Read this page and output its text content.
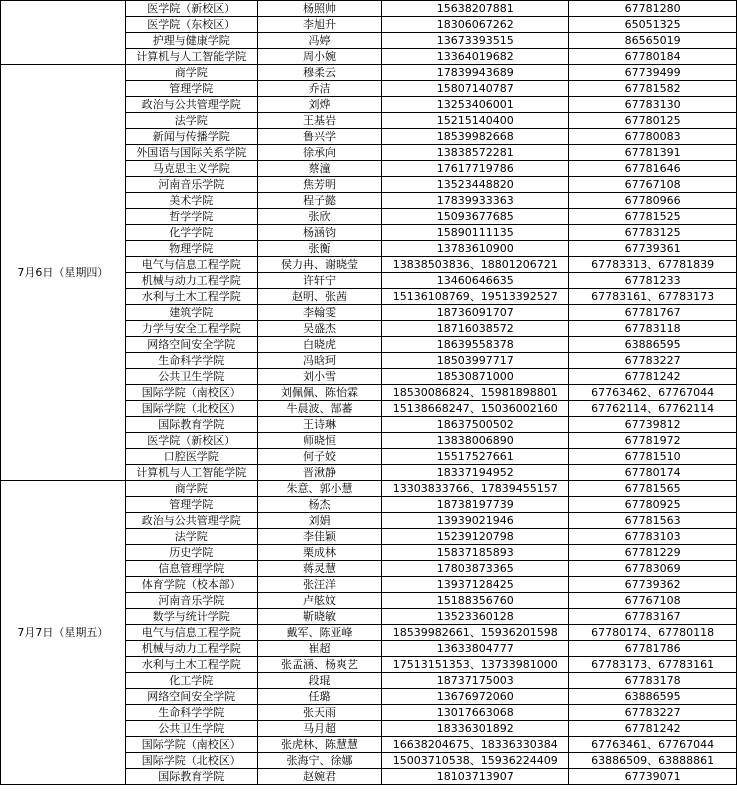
	医学院（新校区）	杨照帅	15638207881	67781280
	医学院（东校区）	李旭升	18306067262	65051325
	护理与健康学院	冯婷	13673393515	86565019
	计算机与人工智能学院	周小婉	13364019682	67780184
7月6日（星期四）	商学院	穆柔云	17839943689	67739499
	管理学院	乔洁	15807140787	67781582
	政治与公共管理学院	刘烨	13253406001	67783130
	法学院	王基岩	15215140400	67780125
	新闻与传播学院	鲁兴学	18539982668	67780083
	外国语与国际关系学院	徐承向	13838572281	67781391
	马克思主义学院	蔡潼	17617719786	67781646
	河南音乐学院	焦芳明	13523448820	67767108
	美术学院	程子懿	17839933363	67780966
	哲学学院	张欣	15093677685	67781525
	化学学院	杨涵钧	15890111135	67783125
	物理学院	张衡	13783610900	67739361
	电气与信息工程学院	侯力冉、谢晓莹	13838503836、18801206721	67783313、67781839
	机械与动力工程学院	许轩宁	13460646635	67781233
	水利与土木工程学院	赵明、张茜	15136108769、19513392527	67783161、67783173
	建筑学院	李翰雯	18736091707	67781767
	力学与安全工程学院	吴盛杰	18716038572	67783118
	网络空间安全学院	白晓虎	18639558378	63886595
	生命科学学院	冯晗珂	18503997717	67783227
	公共卫生学院	刘小雪	18530871000	67781242
	国际学院（南校区）	刘佩佩、陈怡霖	18530086824、15981898801	67763462、67767044
	国际学院（北校区）	牛晨波、郜蕃	15138668247、15036002160	67762114、67762114
	国际教育学院	王诗琳	18637500502	67739812
	医学院（新校区）	师晓恒	13838006890	67781972
	口腔医学院	何子姣	15517527661	67781510
	计算机与人工智能学院	晋湫静	18337194952	67780174
7月7日（星期五）	商学院	朱意、郭小慧	13303833766、17839455157	67781565
	管理学院	杨杰	18738197739	67780925
	政治与公共管理学院	刘娟	13939021946	67781563
	法学院	李佳颖	15239120798	67783103
	历史学院	栗成林	15837185893	67781229
	信息管理学院	蒋灵慧	17803873365	67783069
	体育学院（校本部）	张汪洋	13937128425	67739362
	河南音乐学院	卢舷妏	15188356760	67767108
	数学与统计学院	靳晓敏	13523360128	67783167
	电气与信息工程学院	戴军、陈亚峰	18539982661、15936201598	67780174、67780118
	机械与动力工程学院	崔超	13633804777	67781786
	水利与土木工程学院	张孟涵、杨爽艺	17513151353、13733981000	67783173、67783161
	化工学院	段琨	18737175003	67783178
	网络空间安全学院	任璐	13676972060	63886595
	生命科学学院	张天雨	13017663068	67783227
	公共卫生学院	马月超	18336301892	67781242
	国际学院（南校区）	张虎林、陈慧慧	16638204675、18336330384	67763461、67767044
	国际学院（北校区）	张海宁、徐娜	15003710538、15936224409	63886509、63888861
	国际教育学院	赵婉君	18103713907	67739071
